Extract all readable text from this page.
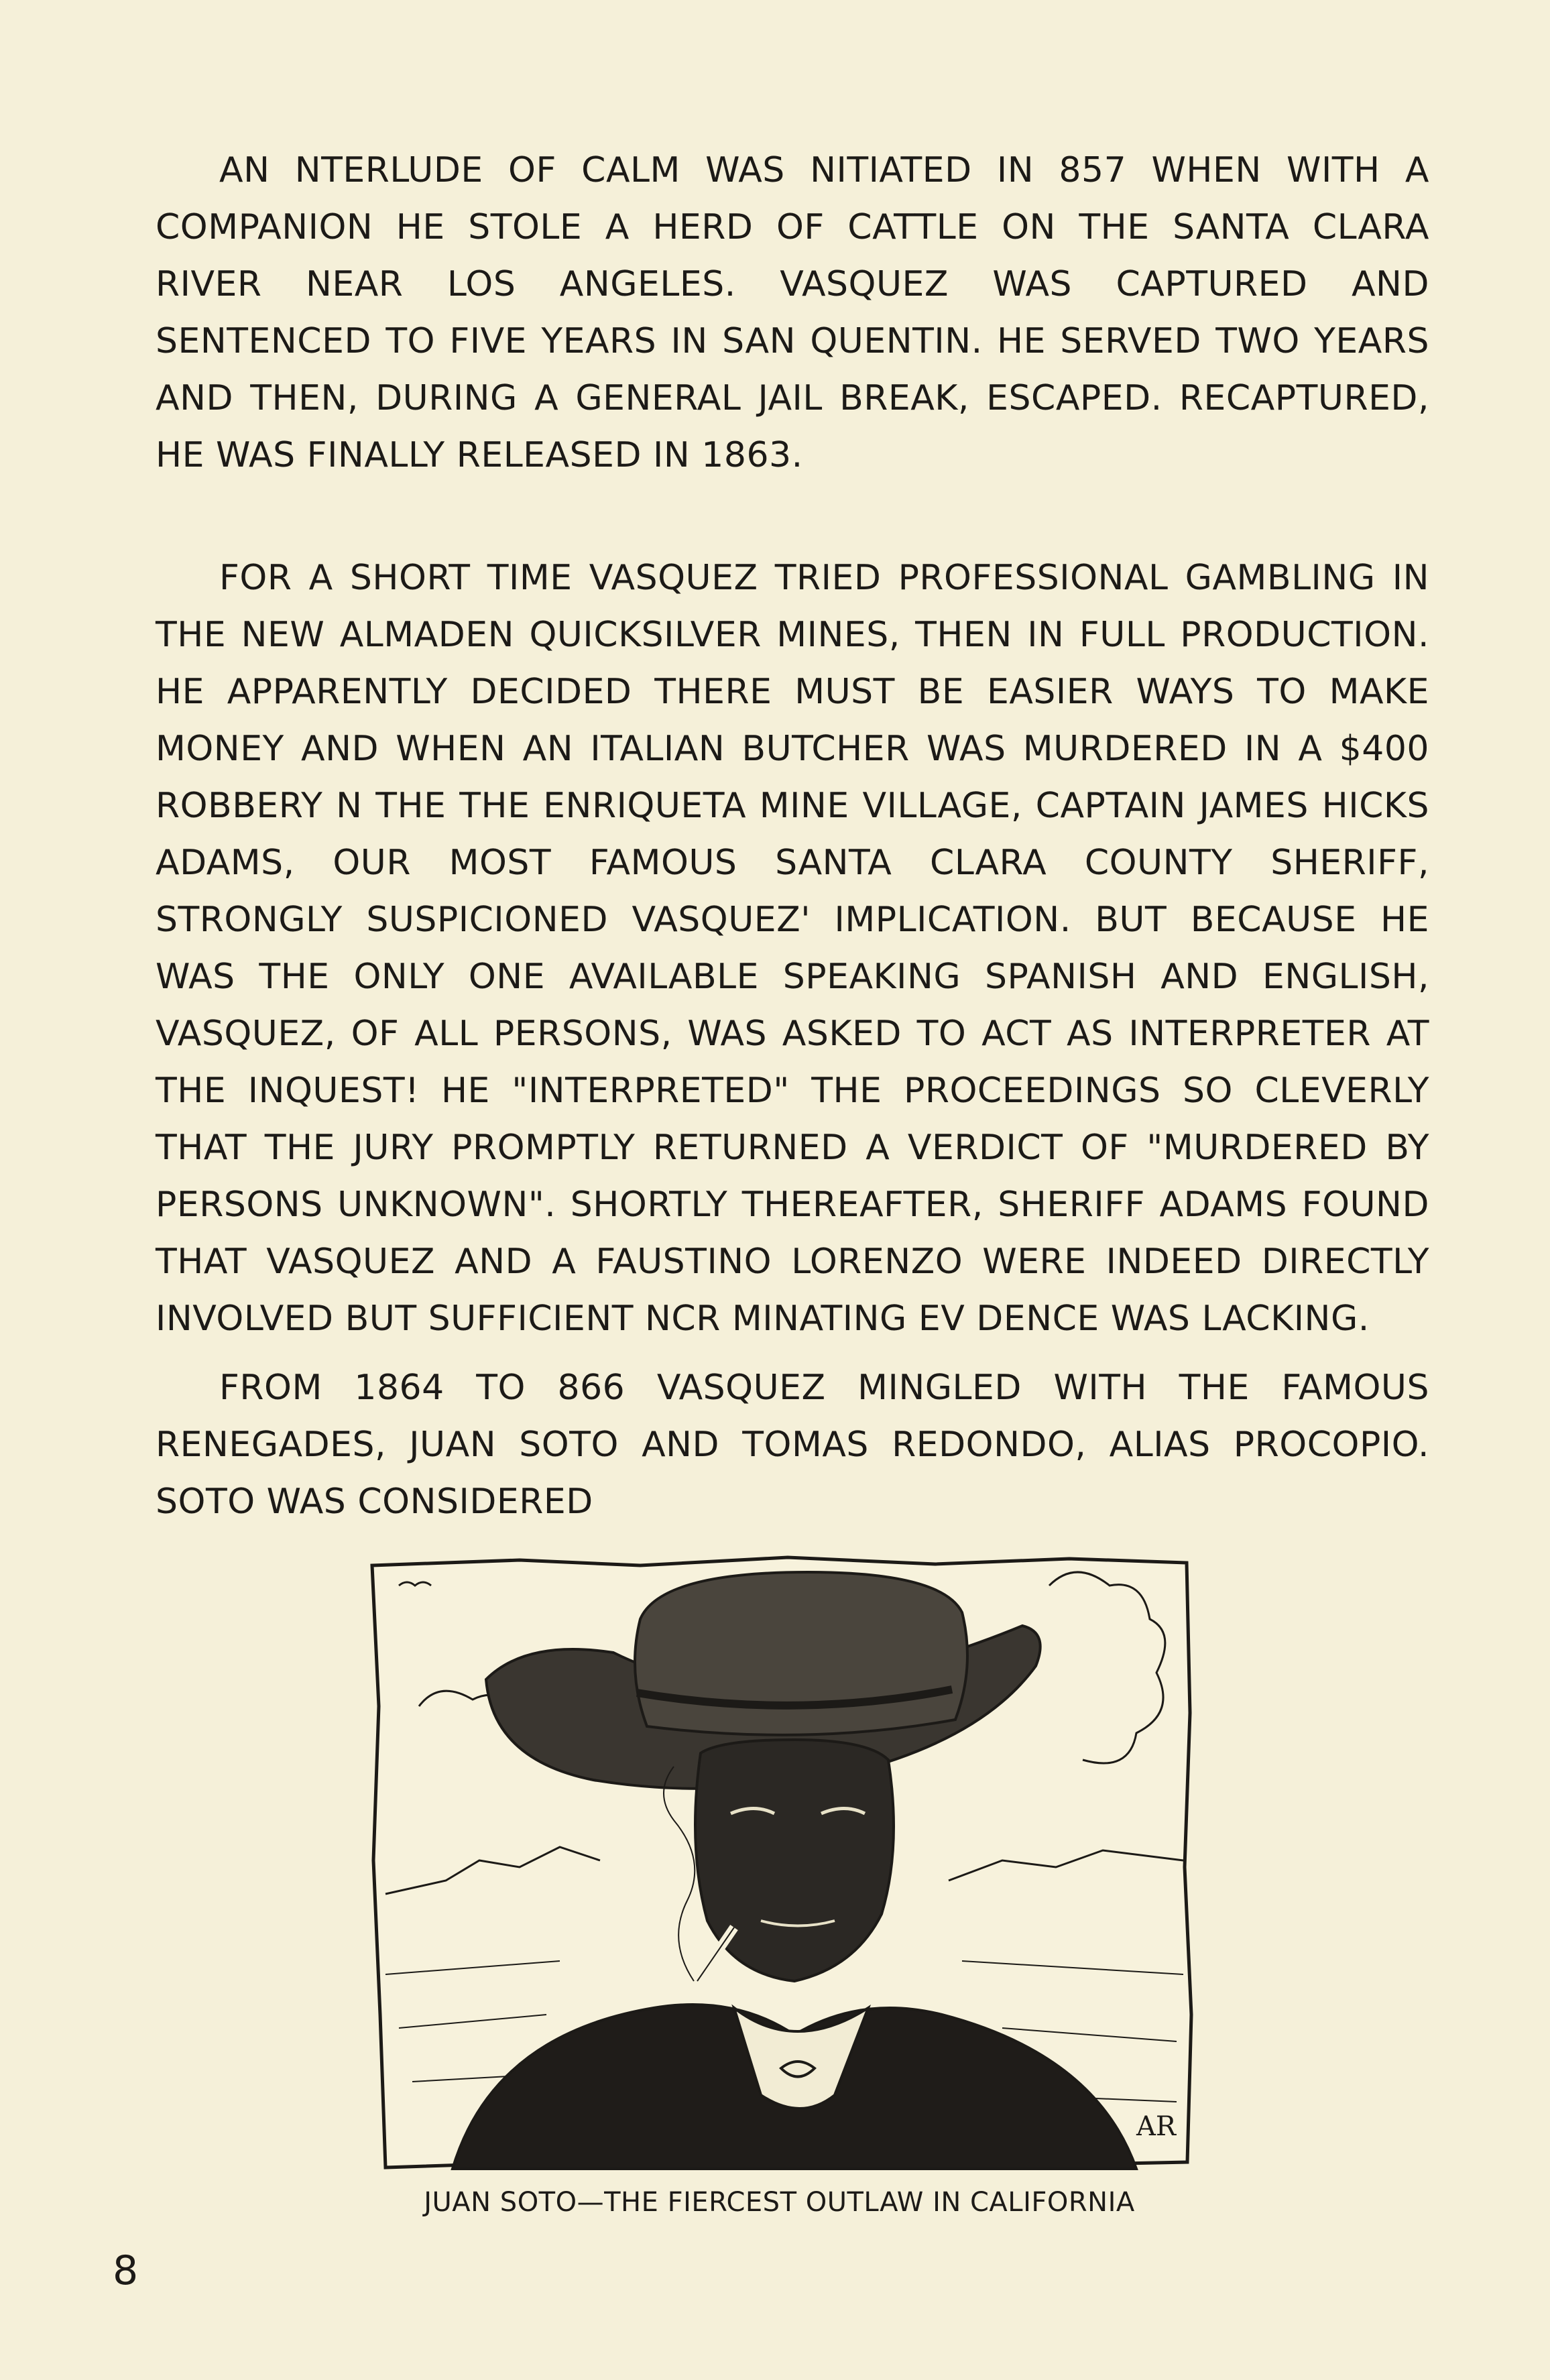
AN NTERLUDE OF CALM WAS NITIATED IN 857 WHEN WITH A COMPANION HE STOLE A HERD OF CATTLE ON THE SANTA CLARA RIVER NEAR LOS ANGELES. VASQUEZ WAS CAPTURED AND SENTENCED TO FIVE YEARS IN SAN QUENTIN. HE SERVED TWO YEARS AND THEN, DURING A GENERAL JAIL BREAK, ESCAPED. RECAPTURED, HE WAS FINALLY RELEASED IN 1863.

FOR A SHORT TIME VASQUEZ TRIED PROFESSIONAL GAMBLING IN THE NEW ALMADEN QUICKSILVER MINES, THEN IN FULL PRODUCTION. HE APPARENTLY DECIDED THERE MUST BE EASIER WAYS TO MAKE MONEY AND WHEN AN ITALIAN BUTCHER WAS MURDERED IN A $400 ROBBERY N THE THE ENRIQUETA MINE VILLAGE, CAPTAIN JAMES HICKS ADAMS, OUR MOST FAMOUS SANTA CLARA COUNTY SHERIFF, STRONGLY SUSPICIONED VASQUEZ' IMPLICATION. BUT BECAUSE HE WAS THE ONLY ONE AVAILABLE SPEAKING SPANISH AND ENGLISH, VASQUEZ, OF ALL PERSONS, WAS ASKED TO ACT AS INTERPRETER AT THE INQUEST! HE "INTERPRETED" THE PROCEEDINGS SO CLEVERLY THAT THE JURY PROMPTLY RETURNED A VERDICT OF "MURDERED BY PERSONS UNKNOWN". SHORTLY THEREAFTER, SHERIFF ADAMS FOUND THAT VASQUEZ AND A FAUSTINO LORENZO WERE INDEED DIRECTLY INVOLVED BUT SUFFICIENT NCR MINATING EV DENCE WAS LACKING.

FROM 1864 TO 866 VASQUEZ MINGLED WITH THE FAMOUS RENEGADES, JUAN SOTO AND TOMAS REDONDO, ALIAS PROCOPIO. SOTO WAS CONSIDERED

AR
JUAN SOTO—THE FIERCEST OUTLAW IN CALIFORNIA
8
